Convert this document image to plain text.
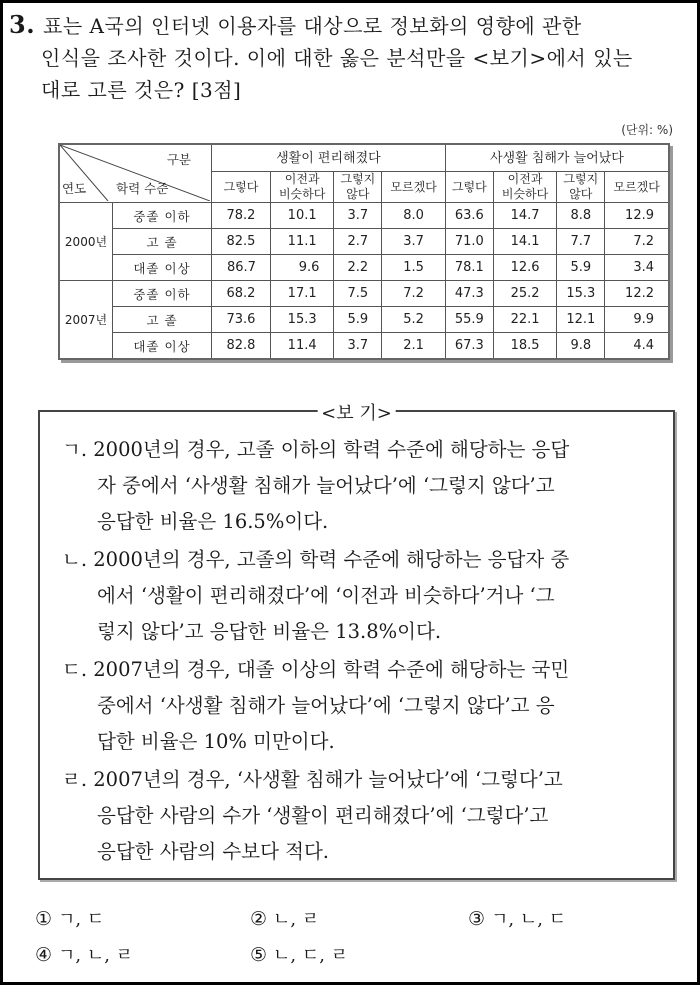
3. 표는 A국의 인터넷 이용자를 대상으로 정보화의 영향에 관한
인식을 조사한 것이다. 이에 대한 옳은 분석만을 <보기>에서 있는
대로 고른 것은? [3점]
(단위: %)
구분
학력 수준
연도		생활이 편리해졌다				사생활 침해가 늘어났다			
		그렇다	이전과
비슷하다	그렇지
않다	모르겠다	그렇다	이전과
비슷하다	그렇지
않다	모르겠다
2000년	중졸 이하	78.2	10.1	3.7	8.0	63.6	14.7	8.8	12.9
	고 졸	82.5	11.1	2.7	3.7	71.0	14.1	7.7	7.2
	대졸 이상	86.7	9.6	2.2	1.5	78.1	12.6	5.9	3.4
2007년	중졸 이하	68.2	17.1	7.5	7.2	47.3	25.2	15.3	12.2
	고 졸	73.6	15.3	5.9	5.2	55.9	22.1	12.1	9.9
	대졸 이상	82.8	11.4	3.7	2.1	67.3	18.5	9.8	4.4
<보 기>
ㄱ. 2000년의 경우, 고졸 이하의 학력 수준에 해당하는 응답
자 중에서 ‘사생활 침해가 늘어났다’에 ‘그렇지 않다’고
응답한 비율은 16.5%이다.
ㄴ. 2000년의 경우, 고졸의 학력 수준에 해당하는 응답자 중
에서 ‘생활이 편리해졌다’에 ‘이전과 비슷하다’거나 ‘그
렇지 않다’고 응답한 비율은 13.8%이다.
ㄷ. 2007년의 경우, 대졸 이상의 학력 수준에 해당하는 국민
중에서 ‘사생활 침해가 늘어났다’에 ‘그렇지 않다’고 응
답한 비율은 10% 미만이다.
ㄹ. 2007년의 경우, ‘사생활 침해가 늘어났다’에 ‘그렇다’고
응답한 사람의 수가 ‘생활이 편리해졌다’에 ‘그렇다’고
응답한 사람의 수보다 적다.
① ㄱ, ㄷ	② ㄴ, ㄹ	③ ㄱ, ㄴ, ㄷ
④ ㄱ, ㄴ, ㄹ	⑤ ㄴ, ㄷ, ㄹ
